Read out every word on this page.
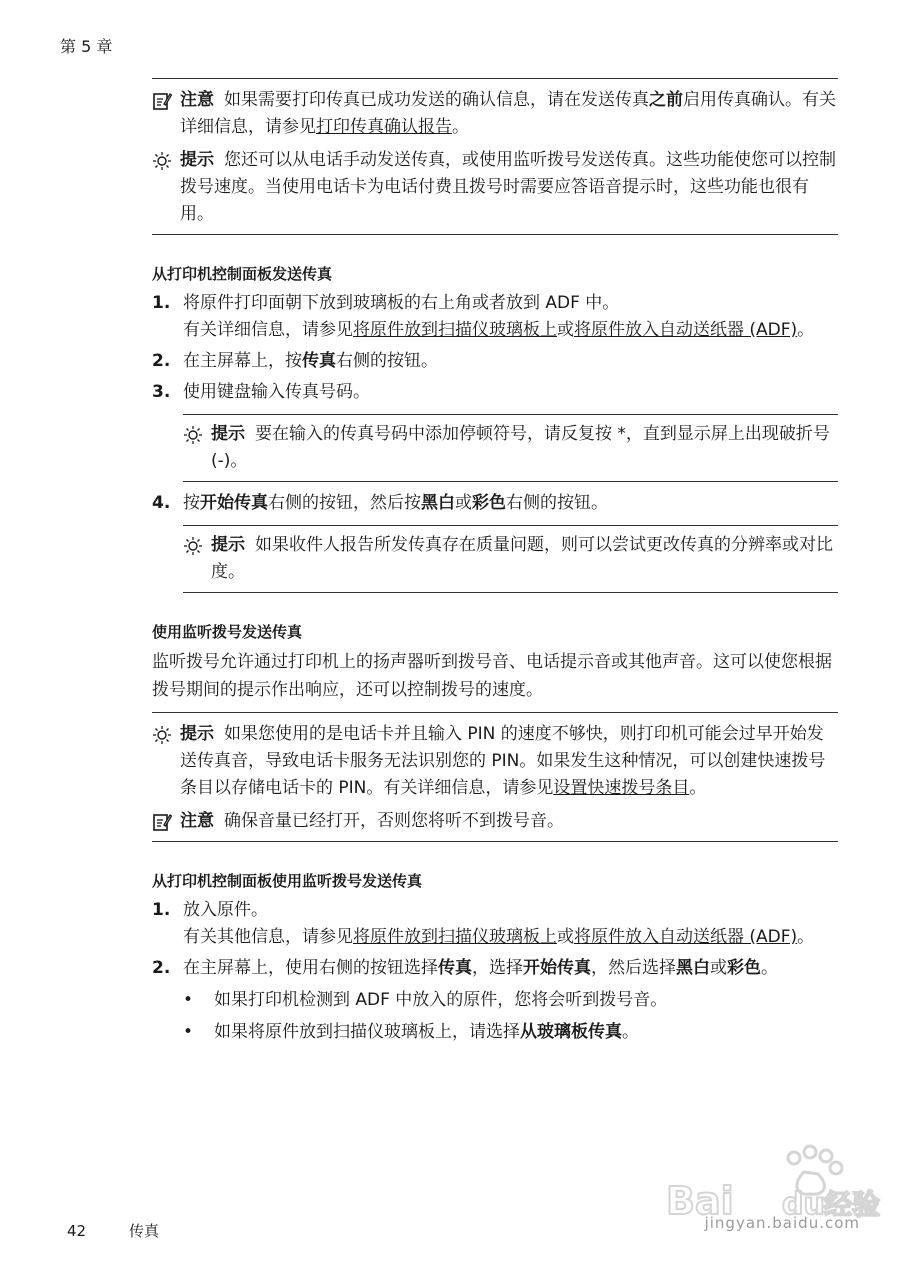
第 5 章
注意 如果需要打印传真已成功发送的确认信息，请在发送传真之前启用传真确认。有关详细信息，请参见打印传真确认报告。
提示 您还可以从电话手动发送传真，或使用监听拨号发送传真。这些功能使您可以控制拨号速度。当使用电话卡为电话付费且拨号时需要应答语音提示时，这些功能也很有用。
从打印机控制面板发送传真
1. 将原件打印面朝下放到玻璃板的右上角或者放到 ADF 中。
有关详细信息，请参见将原件放到扫描仪玻璃板上或将原件放入自动送纸器 (ADF)。
2. 在主屏幕上，按传真右侧的按钮。
3. 使用键盘输入传真号码。
提示 要在输入的传真号码中添加停顿符号，请反复按 *，直到显示屏上出现破折号 (-)。
4. 按开始传真右侧的按钮，然后按黑白或彩色右侧的按钮。
提示 如果收件人报告所发传真存在质量问题，则可以尝试更改传真的分辨率或对比度。
使用监听拨号发送传真
监听拨号允许通过打印机上的扬声器听到拨号音、电话提示音或其他声音。这可以使您根据拨号期间的提示作出响应，还可以控制拨号的速度。
提示 如果您使用的是电话卡并且输入 PIN 的速度不够快，则打印机可能会过早开始发送传真音，导致电话卡服务无法识别您的 PIN。如果发生这种情况，可以创建快速拨号条目以存储电话卡的 PIN。有关详细信息，请参见设置快速拨号条目。
注意 确保音量已经打开，否则您将听不到拨号音。
从打印机控制面板使用监听拨号发送传真
1. 放入原件。
有关其他信息，请参见将原件放到扫描仪玻璃板上或将原件放入自动送纸器 (ADF)。
2. 在主屏幕上，使用右侧的按钮选择传真，选择开始传真，然后选择黑白或彩色。
•	如果打印机检测到 ADF 中放入的原件，您将会听到拨号音。
•	如果将原件放到扫描仪玻璃板上，请选择从玻璃板传真。
Bai du 经验
jingyan.baidu.com
42	传真
